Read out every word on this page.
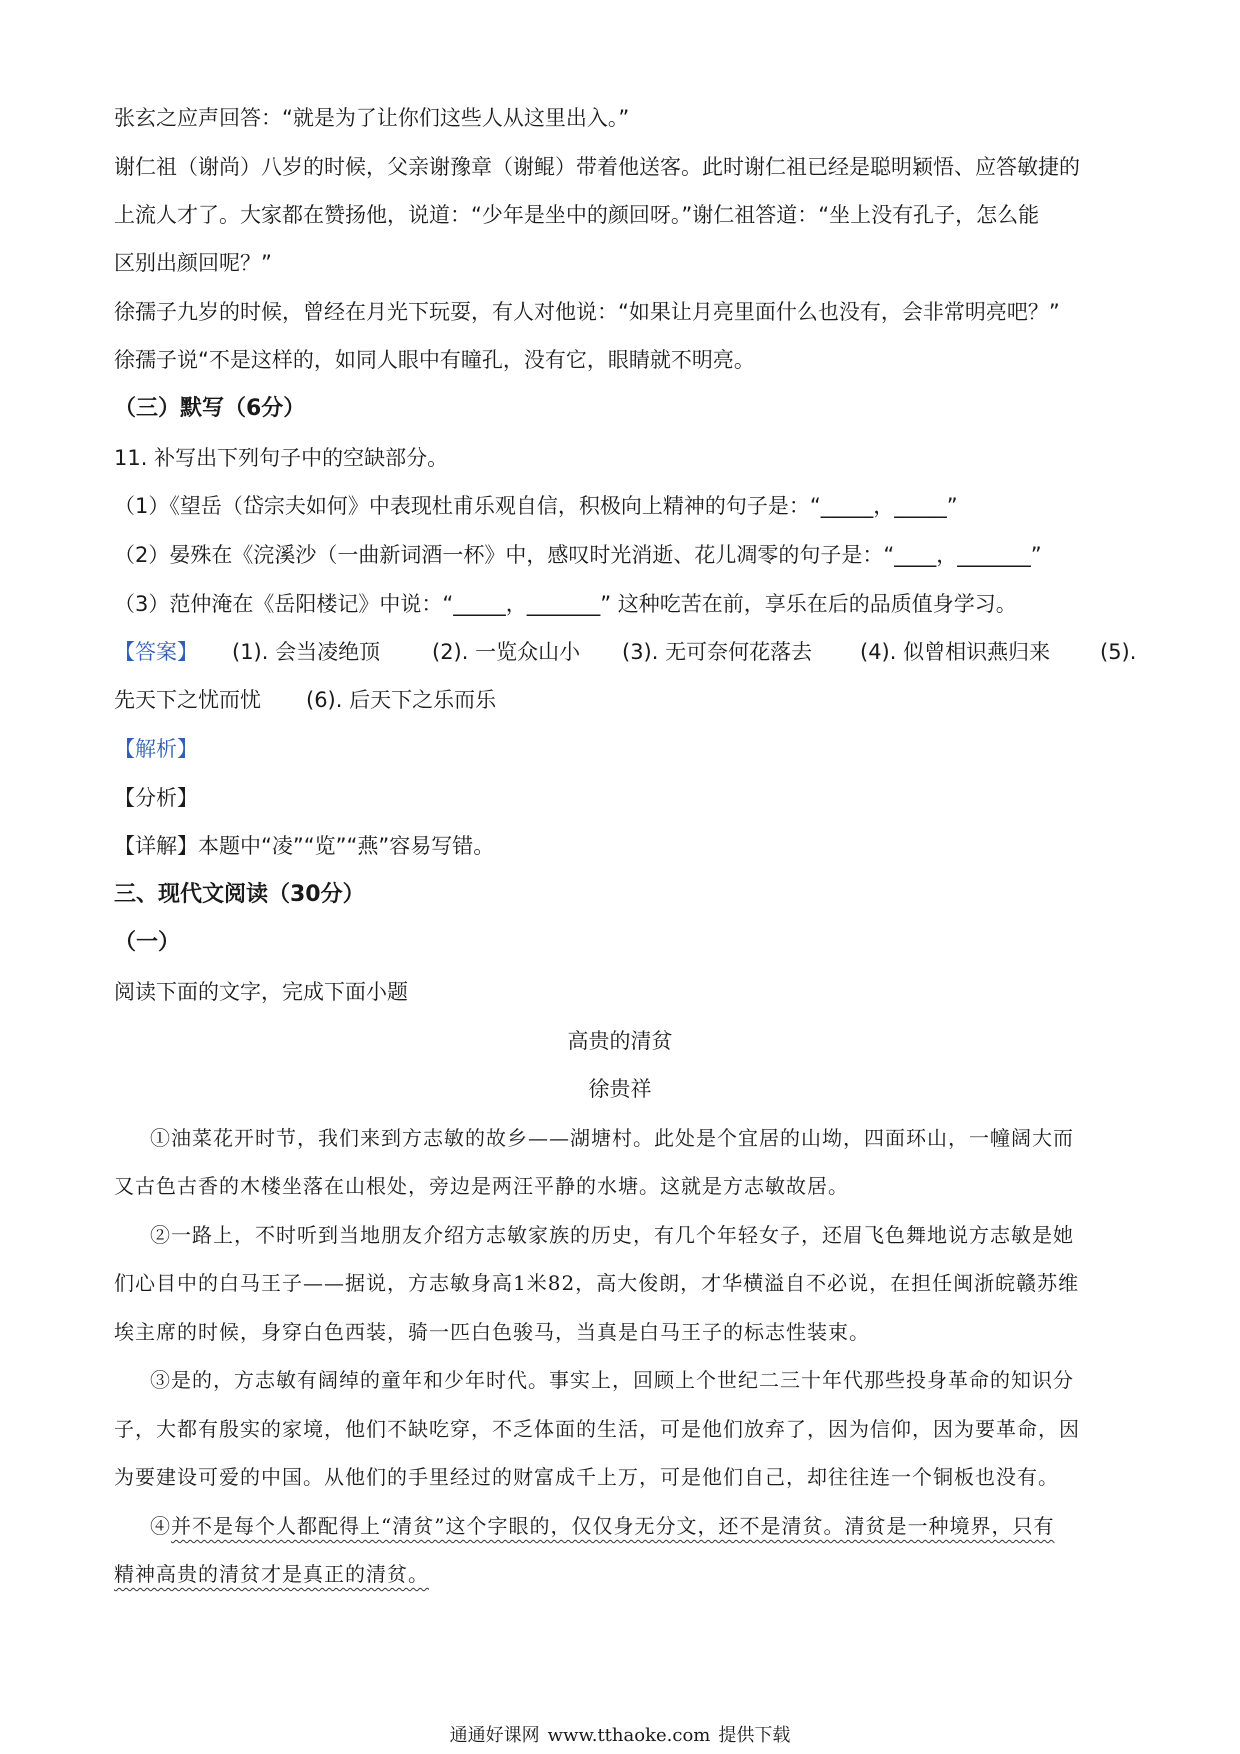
张玄之应声回答：“就是为了让你们这些人从这里出入。”
谢仁祖（谢尚）八岁的时候，父亲谢豫章（谢鲲）带着他送客。此时谢仁祖已经是聪明颖悟、应答敏捷的
上流人才了。大家都在赞扬他，说道：“少年是坐中的颜回呀。”谢仁祖答道：“坐上没有孔子，怎么能
区别出颜回呢？”
徐孺子九岁的时候，曾经在月光下玩耍，有人对他说：“如果让月亮里面什么也没有，会非常明亮吧？”
徐孺子说“不是这样的，如同人眼中有瞳孔，没有它，眼睛就不明亮。
（三）默写（6分）
11. 补写出下列句子中的空缺部分。
（1）《望岳（岱宗夫如何》中表现杜甫乐观自信，积极向上精神的句子是：“_____，_____”
（2）晏殊在《浣溪沙（一曲新词酒一杯》中，感叹时光消逝、花儿凋零的句子是：“____，_______”
（3）范仲淹在《岳阳楼记》中说：“_____，_______” 这种吃苦在前，享乐在后的品质值身学习。
【答案】 (1). 会当凌绝顶 (2). 一览众山小 (3). 无可奈何花落去 (4). 似曾相识燕归来 (5).
先天下之忧而忧 (6). 后天下之乐而乐
【解析】
【分析】
【详解】本题中“凌”“览”“燕”容易写错。
三、现代文阅读（30分）
（一）
阅读下面的文字，完成下面小题
高贵的清贫
徐贵祥
①油菜花开时节，我们来到方志敏的故乡——湖塘村。此处是个宜居的山坳，四面环山，一幢阔大而
又古色古香的木楼坐落在山根处，旁边是两汪平静的水塘。这就是方志敏故居。
②一路上，不时听到当地朋友介绍方志敏家族的历史，有几个年轻女子，还眉飞色舞地说方志敏是她
们心目中的白马王子——据说，方志敏身高1米82，高大俊朗，才华横溢自不必说，在担任闽浙皖赣苏维
埃主席的时候，身穿白色西装，骑一匹白色骏马，当真是白马王子的标志性装束。
③是的，方志敏有阔绰的童年和少年时代。事实上，回顾上个世纪二三十年代那些投身革命的知识分
子，大都有殷实的家境，他们不缺吃穿，不乏体面的生活，可是他们放弃了，因为信仰，因为要革命，因
为要建设可爱的中国。从他们的手里经过的财富成千上万，可是他们自己，却往往连一个铜板也没有。
④并不是每个人都配得上“清贫”这个字眼的，仅仅身无分文，还不是清贫。清贫是一种境界，只有
精神高贵的清贫才是真正的清贫。
通通好课网 www.tthaoke.com 提供下载
